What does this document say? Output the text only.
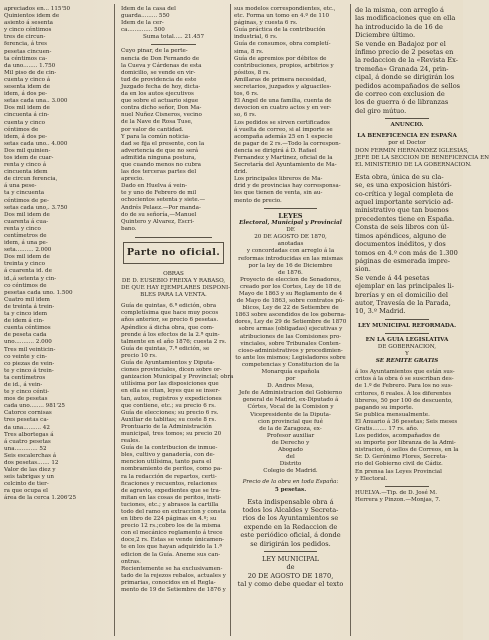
apreciados en... 115'50
Quinientos idem de
asiento á sesenta
y cinco céntimos
tres de circun-
ferencia, á tres
pesetas cincuen-
ta céntimos ca-
da uno........ 1.750
Mil piso de de cin-
cuenta y cinco á
sesenta idem de
idem, á dos pe-
setas cada una.. 3.000
Dos mil idem de
cincuenta á cin-
cuenta y cinco
céntimos de
idem, á dos pe-
setas cada uno.. 4.000
Dos mil quinien-
tos idem de cuar-
renta y cinco á
cincuenta idem
de circun ferencia,
á una pese-
ta y cincuenta
céntimos de pe-
setas cada uno,. 3.750
Dos mil idem de
cuarenta á cua-
renta y cinco
centímetros de
idem, á una pe-
seta.......... 2.000
Dos mil idem de
treinta y cinco
á cuarenta id. de
id.,á setenta y cin-
co céntimos de
pesetas cada uno. 1.500
Cuatro mil idem
de treinta á trein-
ta y cinco idem
de idem á cin-
cuenta céntimos
de peseta cada
uno........... 2.000
Tres mil veinticin-
co veinte y cin-
co piezas de vein-
te y cinco á trein-
ta centímetros
de id., á vein-
te y cinco cénti-
mos de pesetas
cada uno........ 981'25
Catorce cornisas
tres pesetas ca-
da una.......... 42
Tres albortegas á
á cuatro pesetas
una............. 52
Seis escalerchas á
dos pesetas....... 12
Valor de las diez y
seis tabrigas y un
celcinto de tier-
ra que ocupa el
área de la cerca 1.206'25
Idem de la casa del
guarda......... 550
Idem de la cer-
ca.............. 500
Suma total..... 21.457
Cuyo pinar, de la perte-
nencia de Don Fernando de
la Cueva y Cárdenas de esta
domicilio, se vende en vir-
tud de providencia de este
Juzgado fecha de hoy, dicta-
da en los autos ejecutivos
que sobre el actuario sigue
contra dicho señor, Don Ma-
nuel Nuñez Cisneros, vecino
de la Nave de Rosa Tuse,
por valor de cantidad.
Y para la común noticia-
dad se fija el presente, con la
advertencia de que no será
admitida ninguna postura,
que cuando menos no cubra
las dos terceras partes del
aprecio.
Dado en Huelva á vein-
te y uno de Febrero de mil
ochocientos setenta y siete.—
Andrés Pelaez.—Por manda-
do de su señoría,—Manuel
Quintero y Alvarez, Escri-
bano.
Parte no oficial.
OBRAS
DE D. EUSEBIO FREIXA Y RABASO,
DE QUE HAY EJEMPLARES DISPONI-
BLES PARA LA VENTA.
Guía de quintas, 6.ª edición, obra
completísima que hace muy pocos
años anterior, se precio 6 pesetas.
Apéndice á dicha obra, que com-
prende á los efectos de la 2.ª quin-
talmente en el año 1876; cuesta 2 rs.
Guía de quintas, 7.ª edición, se
precio 10 rs.
Guía de Ayuntamientos y Diputa-
ciones provinciales, dicen sobre or-
ganizacion Municipal y Provincial; obra
utilísima por las disposiciones que
en ella se citan, leyes que se inser-
tan, autos, registros y expediciones
que contiene, etc.; su precio 6 rs.
Guía de elecciones; su precio 6 rs.
Auxiliar de tablitas; su coste 8 rs.
Prontuario de la Administración
municipal, tres tomos; su precio 20
reales.
Guía de la contribucion de inmue-
bles, cultivo y ganadería, con de-
mencion utilísima, tanto para el
nombramiento de peritos, como pa-
ra la redacción de repartos, certi-
ficaciones y recuentos, relaciones
de agravio, expedientes que se tra-
mitan en las cosas de peritos, insti-
tuciones, etc.; y abrasos la cartilla
todo del ramo en extraccion y consta
en libro de 224 páginas en 4.º; su
precio 12 rs.;cobro los de la misma
con el mecánico reglamento á trece
doce,2 rs. Estas se vende únicamen-
te en los que hayan adquirido la 1.ª
edicion de la Guía. Aneme sus can-
ontras.
Recientemente se ha exclusivamen-
tado de la rejezos rebalos, actuales y
primarias, conocidos en el Regla-
mento de 19 de Setiembre de 1876 y
sus modelos correspondientes, etc.,
etc. Forma un tomo en 4.º de 110
páginas, y cuesta 6 rs.
Guía práctica de la contribución
industrial, 6 rs.
Guía de consumos, obra completí-
sima, 8 rs.
Guía de apremios por débitos de
contribuciones, propios, arbitrios y
pósitos, 8 rs.
Amillaras de primera necesidad,
secretarios, juzgados y alguaciles-
tos, 6 rs.
El Angel de una familia, cuenta de
devocion en cuatro actos y en ver-
so, 6 rs.
Los pedidos se sirven certificados
á vuelta de correo, si al importe se
acompaña además 25 en 1 especie
de pagar de 2 rs.—Todo la correspon-
dencia se dirigirá á D. Rafael
Fernandez y Martinez, oficial de la
Secretaría del Ayuntamiento de Ma-
drid.
Los principales libreros de Ma-
drid y de provincias hay corresponsa-
les que tienen de venta, sin au-
mento de precio.
LEYES
Electoral, Municipal y Provincial
DE
20 DE AGOSTO DE 1870,
anotadas
y concordadas con arreglo á la
reformas introducidas en las mismas
por la ley de 16 de Diciembre
de 1876.
Proyecto de eleccion de Senadores,
creado por los Cortes, Ley de 18 de
Mayo de 1863 y su Reglamento de 4
de Mayo de 1863, sobre contratos pú-
blicos, Ley de 22 de Setiembre de
1863 sobre ascendidos de los goberna-
dores, Ley de 29 de Setiembre de 1870
sobre armas (obligadas) ejecutivas y
atribuciones de las Comisiones pro-
vinciales, sobre Tribunales Conten-
cioso-administrativos y procedimien-
to ante los mismos; Legisladores sobre
competencias y Constitucion de la
Monarquía española
por
D. Andres Mesa,
Jefe de Administracion del Gobierno
general de Madrid, ex-Diputado á
Córtes, Vocal de la Comision y
Vicepresidente de la Diputa-
cion provincial que fué
de la de Zaragoza, ex-
Profesor auxiliar
de Derecho y
Abogado
del
Distrito
Colegio de Madrid.
Precio de la obra en toda España:
5 pesetas.
Esta indispensable obra á
todos los Alcaldes y Secreta-
rios de los Ayuntamientos se
expende en la Redaccion de
este periódico oficial, á donde
se dirigirán los pedidos.
LEY MUNICIPAL
de
20 DE AGOSTO DE 1870,
tal y como debe quedar el texto
de la misma, con arreglo á
las modificaciones que en ella
ha introducido la de 16 de
Diciembre último.
Se vende en Badajoz por el
ínfimo precio de 2 pesetas en
la redaccion de la «Revista Ex-
tremeña» Granada 24, prin-
cipal, á donde se dirigirán los
pedidos acompañados de sellos
de correo con exclusion de
los de guerra ó de libranzas
del giro mútuo.
ANUNCIO.
LA BENEFICENCIA EN ESPAÑA
por el Doctor
DON FERMIN HERNANDEZ IGLESIAS,
JEFE DE LA SECCION DE BENEFICENCIA EN
EL MINISTERIO DE LA GOBERNACION.
Esta obra, única de su cla-
se, es una exposicion históri-
co-crítica y legal completa de
aquel importante servicio ad-
ministrativo que tan buenos
precedentes tiene en España.
Consta de seis libros con úl-
timos apéndices, alguno de
documentos inéditos, y dos
tomos en 4.º con más de 1.300
páginas de esmerada impre-
sion.
Se vende á 44 pesetas
ejemplar en las principales li-
brerías y en el domicilio del
autor, Travesía de la Parada,
10, 3.º Madrid.
LEY MUNICIPAL REFORMADA.
EN LA GUIA LEGISLATIVA
DE GOBERNACION,
Y
SE REMITE GRATIS
á los Ayuntamientos que están sus-
critos á la obra ó se suscriban des-
de 1.º de Febrero. Para los no sus-
critores, 6 reales. Á los diferentes
libreros, 50 por 100 de descuento,
pagando su importe.
Se publica mensualmente.
El Anuario á 36 pesetas; Seis meses
Gratis........ 17 rs. año.
Los pedidos, acompañados de
su importe por libranza de la Admi-
nistracion, ó sellos de Correos, en la
Sr. D. Gerónimo Flores, Secreta-
rio del Gobierno civil de Cádiz.
En prensa las Leyes Provincial
y Electoral.
HUELVA.—Tip. de D. José M. Herrera y Pinzon.—Monjas, 7.
